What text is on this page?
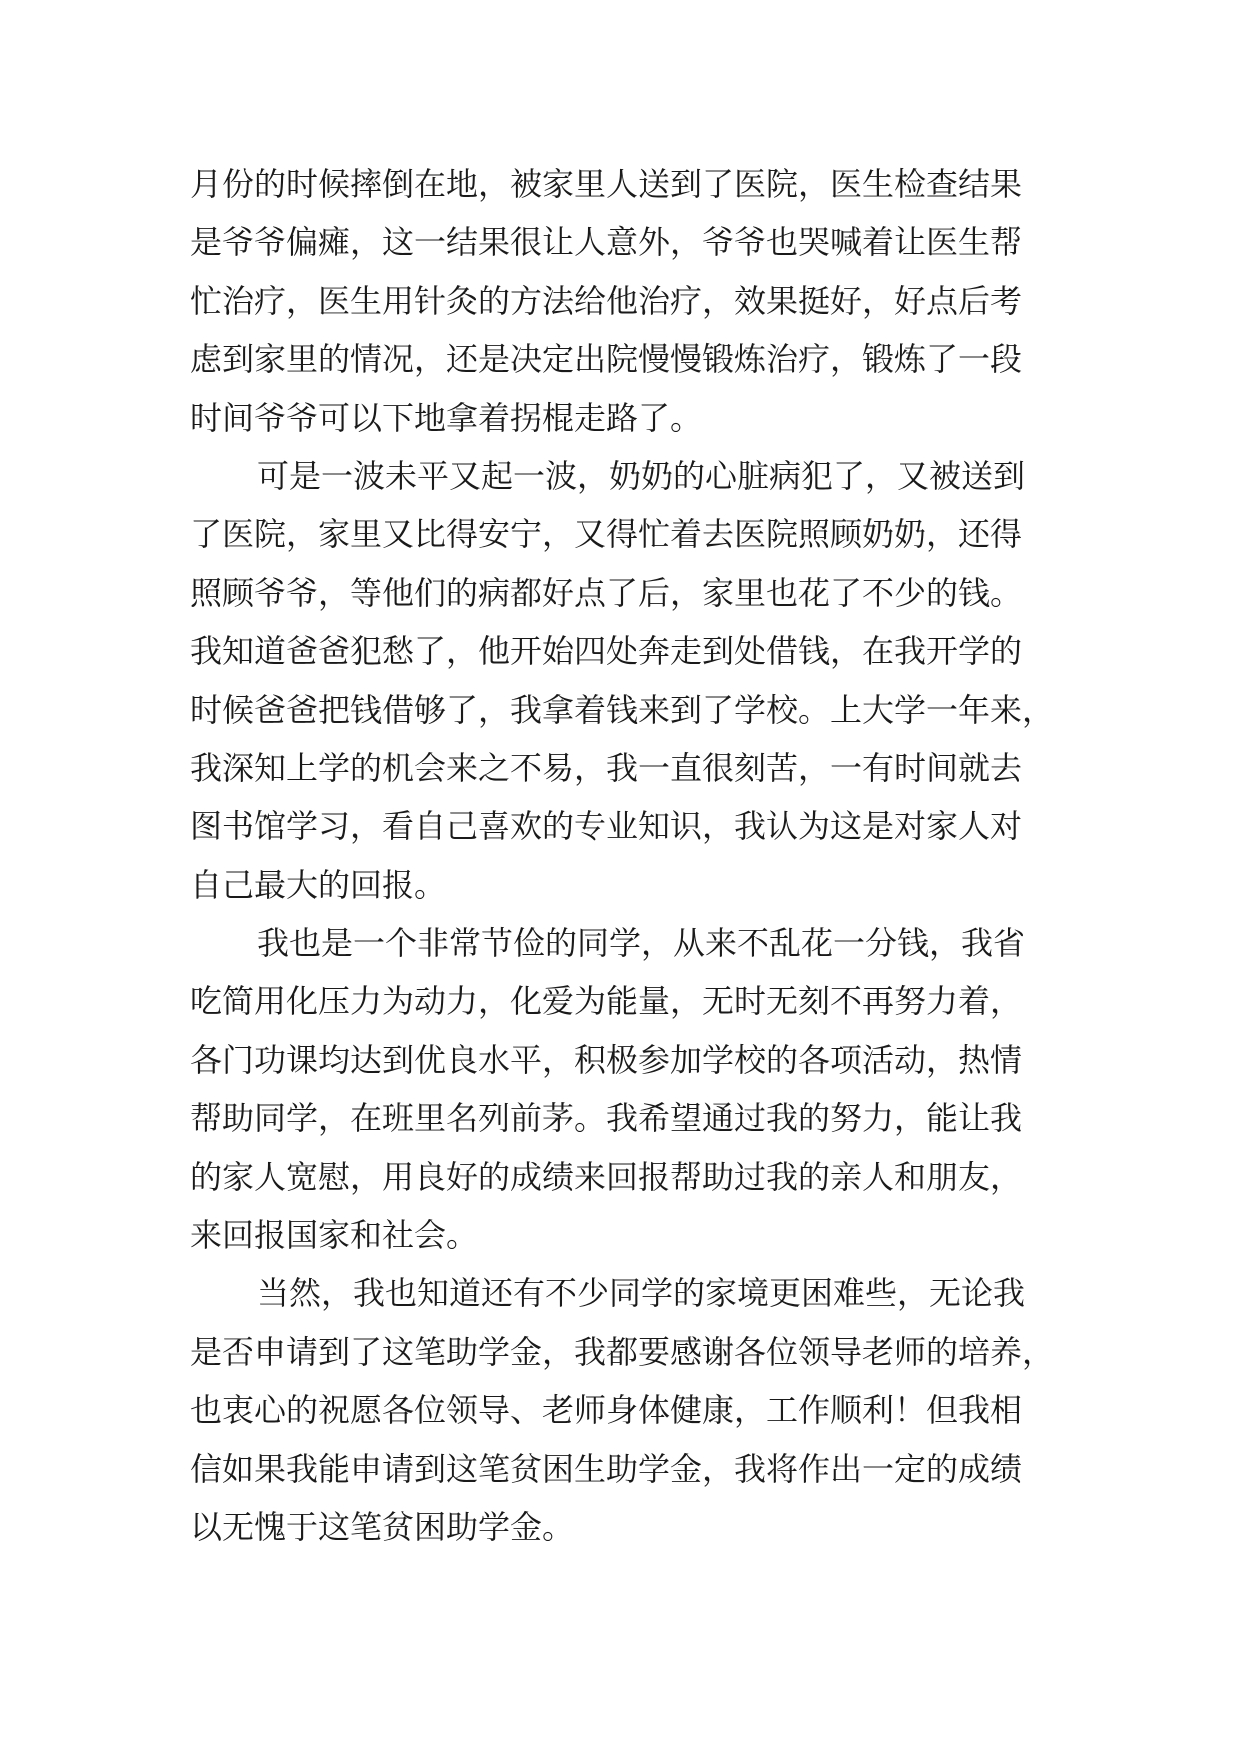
月份的时候摔倒在地，被家里人送到了医院，医生检查结果
是爷爷偏瘫，这一结果很让人意外，爷爷也哭喊着让医生帮
忙治疗，医生用针灸的方法给他治疗，效果挺好，好点后考
虑到家里的情况，还是决定出院慢慢锻炼治疗，锻炼了一段
时间爷爷可以下地拿着拐棍走路了。
可是一波未平又起一波，奶奶的心脏病犯了，又被送到
了医院，家里又比得安宁，又得忙着去医院照顾奶奶，还得
照顾爷爷，等他们的病都好点了后，家里也花了不少的钱。
我知道爸爸犯愁了，他开始四处奔走到处借钱，在我开学的
时候爸爸把钱借够了，我拿着钱来到了学校。上大学一年来，
我深知上学的机会来之不易，我一直很刻苦，一有时间就去
图书馆学习，看自己喜欢的专业知识，我认为这是对家人对
自己最大的回报。
我也是一个非常节俭的同学，从来不乱花一分钱，我省
吃简用化压力为动力，化爱为能量，无时无刻不再努力着，
各门功课均达到优良水平，积极参加学校的各项活动，热情
帮助同学，在班里名列前茅。我希望通过我的努力，能让我
的家人宽慰，用良好的成绩来回报帮助过我的亲人和朋友，
来回报国家和社会。
当然，我也知道还有不少同学的家境更困难些，无论我
是否申请到了这笔助学金，我都要感谢各位领导老师的培养，
也衷心的祝愿各位领导、老师身体健康，工作顺利！但我相
信如果我能申请到这笔贫困生助学金，我将作出一定的成绩
以无愧于这笔贫困助学金。
